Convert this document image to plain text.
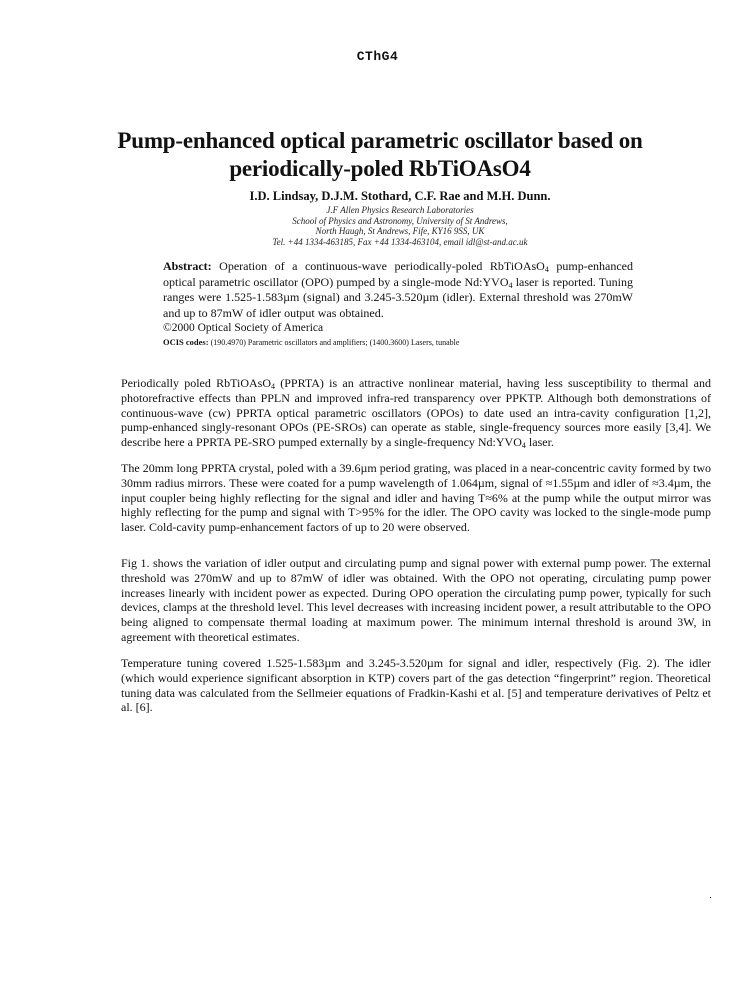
CThG4
Pump-enhanced optical parametric oscillator based on
periodically-poled RbTiOAsO4
I.D. Lindsay, D.J.M. Stothard, C.F. Rae and M.H. Dunn.
J.F Allen Physics Research Laboratories
School of Physics and Astronomy, University of St Andrews,
North Haugh, St Andrews, Fife, KY16 9SS, UK
Tel. +44 1334-463185, Fax +44 1334-463104, email idl@st-and.ac.uk
Abstract: Operation of a continuous-wave periodically-poled RbTiOAsO$_4$ pump-enhanced optical parametric oscillator (OPO) pumped by a single-mode $Nd:YVO_4$ laser is reported. Tuning ranges were 1.525-1.583µm (signal) and 3.245-3.520µm (idler). External threshold was 270mW and up to 87mW of idler output was obtained.
©2000 Optical Society of America
OCIS codes: (190.4970) Parametric oscillators and amplifiers; (1400.3600) Lasers, tunable
Periodically poled RbTiOAsO$_4$ (PPRTA) is an attractive nonlinear material, having less susceptibility to thermal and photorefractive effects than PPLN and improved infra-red transparency over PPKTP. Although both demonstrations of continuous-wave (cw) PPRTA optical parametric oscillators (OPOs) to date used an intra-cavity configuration [1,2], pump-enhanced singly-resonant OPOs (PE-SROs) can operate as stable, single-frequency sources more easily [3,4]. We describe here a PPRTA PE-SRO pumped externally by a single-frequency $Nd:YVO_4$ laser.
The 20mm long PPRTA crystal, poled with a 39.6µm period grating, was placed in a near-concentric cavity formed by two 30mm radius mirrors. These were coated for a pump wavelength of 1.064µm, signal of ≈1.55µm and idler of ≈3.4µm, the input coupler being highly reflecting for the signal and idler and having T≈6% at the pump while the output mirror was highly reflecting for the pump and signal with T>95% for the idler. The OPO cavity was locked to the single-mode pump laser. Cold-cavity pump-enhancement factors of up to 20 were observed.
Fig 1. shows the variation of idler output and circulating pump and signal power with external pump power. The external threshold was 270mW and up to 87mW of idler was obtained. With the OPO not operating, circulating pump power increases linearly with incident power as expected. During OPO operation the circulating pump power, typically for such devices, clamps at the threshold level. This level decreases with increasing incident power, a result attributable to the OPO being aligned to compensate thermal loading at maximum power. The minimum internal threshold is around 3W, in agreement with theoretical estimates.
Temperature tuning covered 1.525-1.583µm and 3.245-3.520µm for signal and idler, respectively (Fig. 2). The idler (which would experience significant absorption in KTP) covers part of the gas detection “fingerprint” region. Theoretical tuning data was calculated from the Sellmeier equations of Fradkin-Kashi et al. [5] and temperature derivatives of Peltz et al. [6].
